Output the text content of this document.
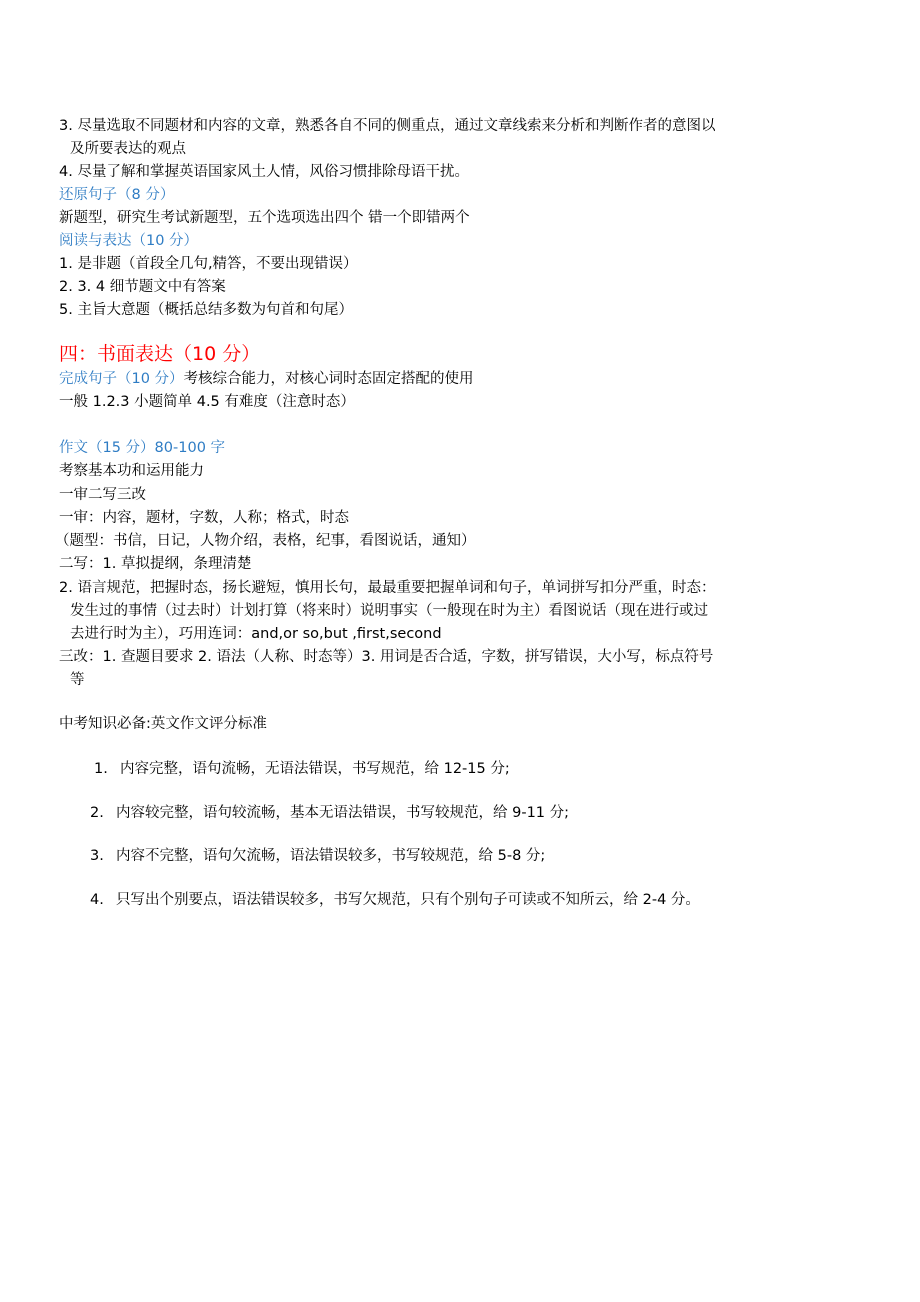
3. 尽量选取不同题材和内容的文章，熟悉各自不同的侧重点，通过文章线索来分析和判断作者的意图以

及所要表达的观点

4. 尽量了解和掌握英语国家风土人情，风俗习惯排除母语干扰。

还原句子（8 分）

新题型，研究生考试新题型，五个选项选出四个 错一个即错两个

阅读与表达（10 分）

1. 是非题（首段全几句,精答，不要出现错误）

2. 3. 4 细节题文中有答案

5. 主旨大意题（概括总结多数为句首和句尾）

四：书面表达（10 分）

完成句子（10 分）考核综合能力，对核心词时态固定搭配的使用

一般 1.2.3 小题简单 4.5 有难度（注意时态）

作文（15 分）80-100 字

考察基本功和运用能力

一审二写三改

一审：内容，题材，字数，人称；格式，时态

（题型：书信，日记，人物介绍，表格，纪事，看图说话，通知）

二写：1. 草拟提纲，条理清楚

2. 语言规范，把握时态，扬长避短，慎用长句，最最重要把握单词和句子，单词拼写扣分严重，时态：

发生过的事情（过去时）计划打算（将来时）说明事实（一般现在时为主）看图说话（现在进行或过

去进行时为主），巧用连词：and,or so,but ,first,second

三改：1. 查题目要求 2. 语法（人称、时态等）3. 用词是否合适，字数，拼写错误，大小写，标点符号

等

中考知识必备:英文作文评分标准

1. 内容完整，语句流畅，无语法错误，书写规范，给 12-15 分;
2. 内容较完整，语句较流畅，基本无语法错误，书写较规范，给 9-11 分;
3. 内容不完整，语句欠流畅，语法错误较多，书写较规范，给 5-8 分;
4. 只写出个别要点，语法错误较多，书写欠规范，只有个别句子可读或不知所云，给 2-4 分。
